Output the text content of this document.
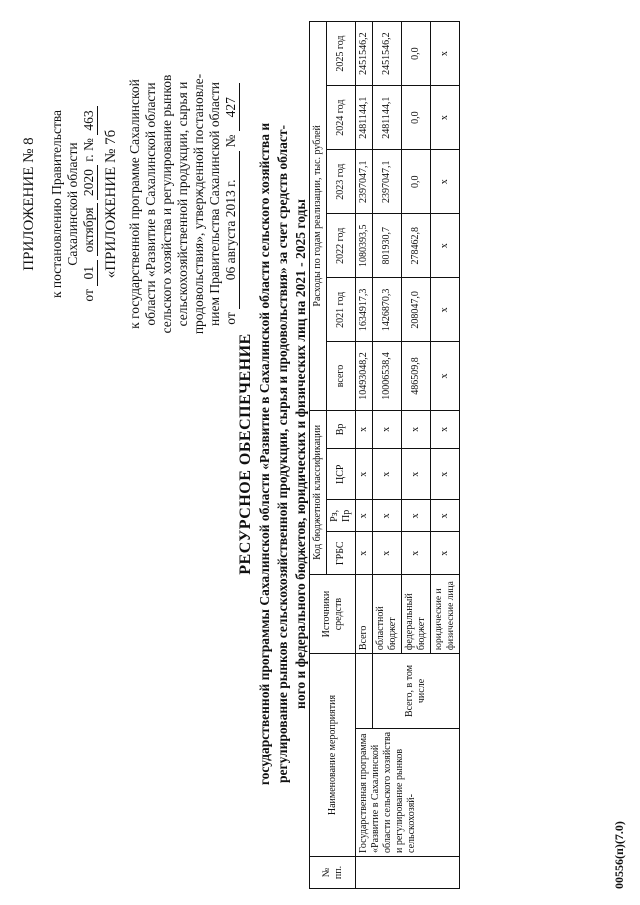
ПРИЛОЖЕНИЕ № 8 к постановлению Правительства Сахалинской области
от 01 октября 2020 г. № 463
«ПРИЛОЖЕНИЕ № 7б к государственной программе Сахалинской области «Развитие в Сахалинской области сельского хозяйства и регулирование рынков сельскохозяйственной продукции, сырья и продовольствия», утвержденной постановле- нием Правительства Сахалинской области от 06 августа 2013 г. № 427
РЕСУРСНОЕ ОБЕСПЕЧЕНИЕ государственной программы Сахалинской области «Развитие в Сахалинской области сельского хозяйства и регулирование рынков сельскохозяйственной продукции, сырья и продовольствия» за счет средств област- ного и федерального бюджетов, юридических и физических лиц на 2021 - 2025 годы
№ пп.	Наименование мероприятия		Источники средств	Код бюджетной классификации				Расходы по годам реализации, тыс. рублей					
				ГРБС	Рз, Пр	ЦСР	Вр	всего	2021 год	2022 год	2023 год	2024 год	2025 год
	Государственная программа «Развитие в Сахалинской области сельского хозяйства и регулирование рынков сельскохозяй-		Всего	х	х	х	х	10493048,2	1634917,3	1080393,5	2397047,1	2481144,1	2451546,2
		Всего, в том числе	областной бюджет	х	х	х	х	10006538,4	1426870,3	801930,7	2397047,1	2481144,1	2451546,2
			федеральный бюджет	х	х	х	х	486509,8	208047,0	278462,8	0,0	0,0	0,0
			юридические и физические лица	х	х	х	х	х	х	х	х	х	х
00556(п)(7.0)
